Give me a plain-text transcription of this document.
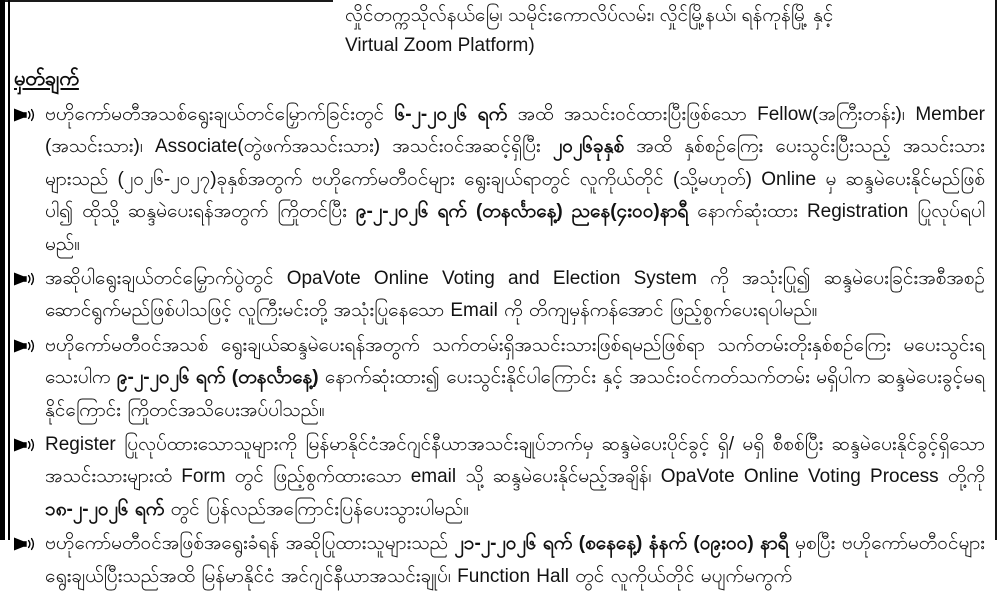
လှိုင်တက္ကသိုလ်နယ်မြေ၊ သမိုင်းကောလိပ်လမ်း၊ လှိုင်မြို့နယ်၊ ရန်ကုန်မြို့ နှင့်
Virtual Zoom Platform)
မှတ်ချက်
ဗဟိုကော်မတီအသစ်ရွေးချယ်တင်မြှောက်ခြင်းတွင် ၆-၂-၂၀၂၆ ရက် အထိ အသင်းဝင်ထားပြီးဖြစ်သော Fellow(အကြီးတန်း)၊ Member (အသင်းသား)၊ Associate(တွဲဖက်အသင်းသား) အသင်းဝင်အဆင့်ရှိပြီး ၂၀၂၆ခုနှစ် အထိ နှစ်စဉ်ကြေး ပေးသွင်းပြီးသည့် အသင်းသားများသည် (၂၀၂၆-၂၀၂၇)ခုနှစ်အတွက် ဗဟိုကော်မတီဝင်များ ရွေးချယ်ရာတွင် လူကိုယ်တိုင် (သို့မဟုတ်) Online မှ ဆန္ဒမဲပေးနိုင်မည်ဖြစ်ပါ၍ ထိုသို့ ဆန္ဒမဲပေးရန်အတွက် ကြိုတင်ပြီး ၉-၂-၂၀၂၆ ရက် (တနင်္လာနေ့) ညနေ(၄း၀၀)နာရီ နောက်ဆုံးထား Registration ပြုလုပ်ရပါမည်။
အဆိုပါရွေးချယ်တင်မြှောက်ပွဲတွင် OpaVote Online Voting and Election System ကို အသုံးပြု၍ ဆန္ဒမဲပေးခြင်းအစီအစဉ် ဆောင်ရွက်မည်ဖြစ်ပါသဖြင့် လူကြီးမင်းတို့ အသုံးပြုနေသော Email ကို တိကျမှန်ကန်အောင် ဖြည့်စွက်ပေးရပါမည်။
ဗဟိုကော်မတီဝင်အသစ် ရွေးချယ်ဆန္ဒမဲပေးရန်အတွက် သက်တမ်းရှိအသင်းသားဖြစ်ရမည်ဖြစ်ရာ သက်တမ်းတိုးနှစ်စဉ်ကြေး မပေးသွင်းရသေးပါက ၉-၂-၂၀၂၆ ရက် (တနင်္လာနေ့) နောက်ဆုံးထား၍ ပေးသွင်းနိုင်ပါကြောင်း နှင့် အသင်းဝင်ကတ်သက်တမ်း မရှိပါက ဆန္ဒမဲပေးခွင့်မရနိုင်ကြောင်း ကြိုတင်အသိပေးအပ်ပါသည်။
Register ပြုလုပ်ထားသောသူများကို မြန်မာနိုင်ငံအင်ဂျင်နီယာအသင်းချုပ်ဘက်မှ ဆန္ဒမဲပေးပိုင်ခွင့် ရှိ/ မရှိ စီစစ်ပြီး ဆန္ဒမဲပေးနိုင်ခွင့်ရှိသောအသင်းသားများထံ Form တွင် ဖြည့်စွက်ထားသော email သို့ ဆန္ဒမဲပေးနိုင်မည့်အချိန်၊ OpaVote Online Voting Process တို့ကို ၁၈-၂-၂၀၂၆ ရက် တွင် ပြန်လည်အကြောင်းပြန်ပေးသွားပါမည်။
ဗဟိုကော်မတီဝင်အဖြစ်အရွေးခံရန် အဆိုပြုထားသူများသည် ၂၁-၂-၂၀၂၆ ရက် (စနေနေ့) နံနက် (၀၉း၀၀) နာရီ မှစပြီး ဗဟိုကော်မတီဝင်များ ရွေးချယ်ပြီးသည်အထိ မြန်မာနိုင်ငံ အင်ဂျင်နီယာအသင်းချုပ်၊ Function Hall တွင် လူကိုယ်တိုင် မပျက်မကွက်
